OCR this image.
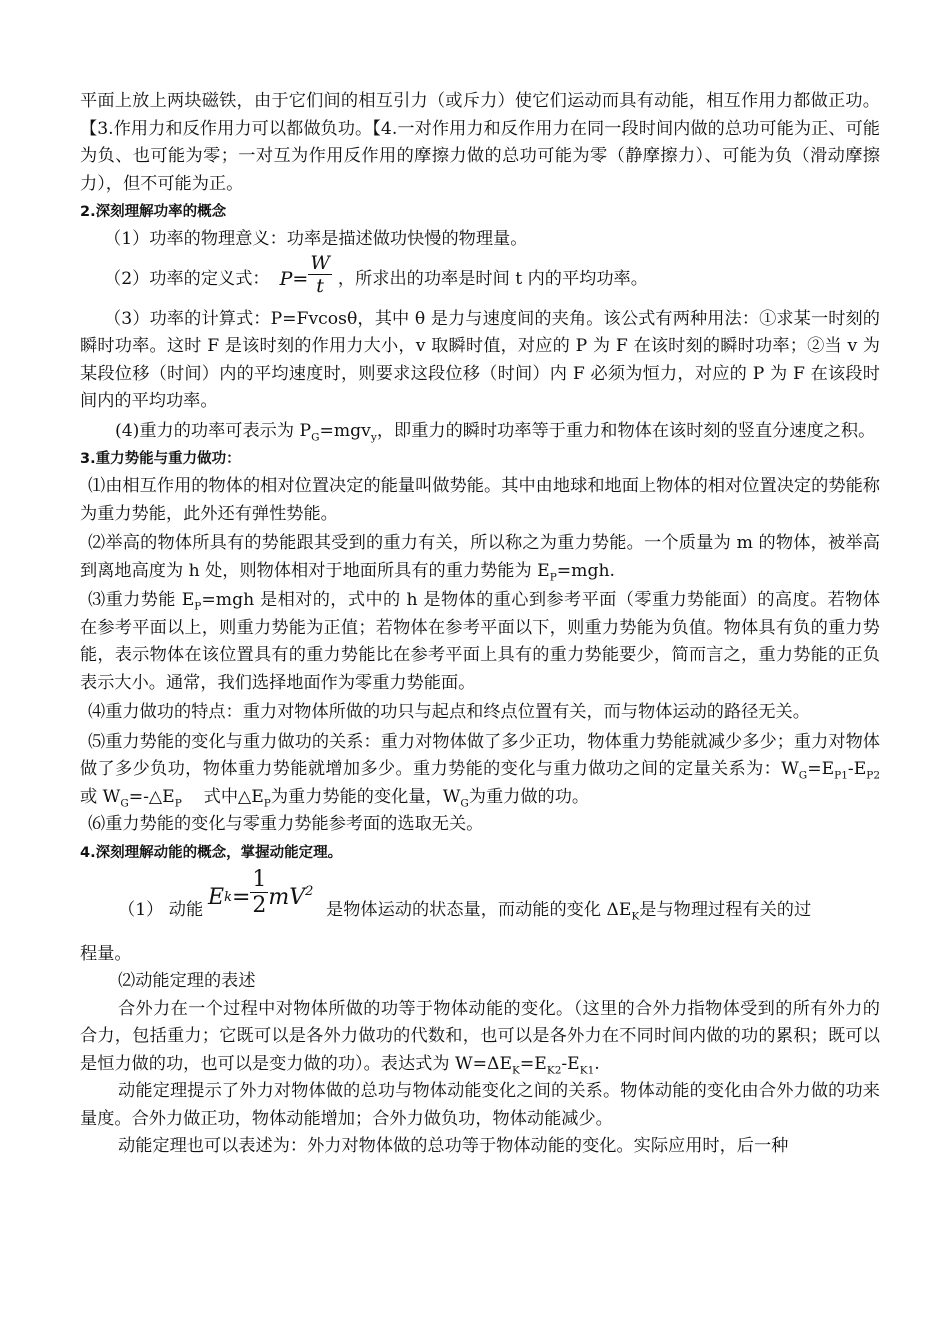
平面上放上两块磁铁，由于它们间的相互引力（或斥力）使它们运动而具有动能，相互作用力都做正功。【3.作用力和反作用力可以都做负功。【4.一对作用力和反作用力在同一段时间内做的总功可能为正、可能为负、也可能为零；一对互为作用反作用的摩擦力做的总功可能为零（静摩擦力）、可能为负（滑动摩擦力），但不可能为正。

2.深刻理解功率的概念

（1）功率的物理意义：功率是描述做功快慢的物理量。

（2）功率的定义式： $P= \frac{W}{t}$ ，所求出的功率是时间 t 内的平均功率。

（3）功率的计算式：P=Fvcosθ，其中 θ 是力与速度间的夹角。该公式有两种用法：①求某一时刻的瞬时功率。这时 F 是该时刻的作用力大小，v 取瞬时值，对应的 P 为 F 在该时刻的瞬时功率；②当 v 为某段位移（时间）内的平均速度时，则要求这段位移（时间）内 F 必须为恒力，对应的 P 为 F 在该段时间内的平均功率。

(4)重力的功率可表示为 $P_G=mgv_y$，即重力的瞬时功率等于重力和物体在该时刻的竖直分速度之积。

3.重力势能与重力做功：

⑴由相互作用的物体的相对位置决定的能量叫做势能。其中由地球和地面上物体的相对位置决定的势能称为重力势能，此外还有弹性势能。

⑵举高的物体所具有的势能跟其受到的重力有关，所以称之为重力势能。一个质量为 m 的物体，被举高到离地高度为 h 处，则物体相对于地面所具有的重力势能为 $E_P=mgh$.

⑶重力势能 $E_P=mgh$ 是相对的，式中的 h 是物体的重心到参考平面（零重力势能面）的高度。若物体在参考平面以上，则重力势能为正值；若物体在参考平面以下，则重力势能为负值。物体具有负的重力势能，表示物体在该位置具有的重力势能比在参考平面上具有的重力势能要少，简而言之，重力势能的正负表示大小。通常，我们选择地面作为零重力势能面。

⑷重力做功的特点：重力对物体所做的功只与起点和终点位置有关，而与物体运动的路径无关。

⑸重力势能的变化与重力做功的关系：重力对物体做了多少正功，物体重力势能就减少多少；重力对物体做了多少负功，物体重力势能就增加多少。重力势能的变化与重力做功之间的定量关系为：$W_G=E_{P1}-E_{P2}$或 $W_G=-\triangle E_P$    式中$\triangle E_P$为重力势能的变化量，$W_G$为重力做的功。

⑹重力势能的变化与零重力势能参考面的选取无关。

4.深刻理解动能的概念，掌握动能定理。

（1） 动能 E $k = \frac{1}{2} mV^2$
是物体运动的状态量，而动能的变化 $\Delta E_K$是与物理过程有关的过

程量。

⑵动能定理的表述

合外力在一个过程中对物体所做的功等于物体动能的变化。（这里的合外力指物体受到的所有外力的合力，包括重力；它既可以是各外力做功的代数和，也可以是各外力在不同时间内做的功的累积；既可以是恒力做的功，也可以是变力做的功）。表达式为 $W=\Delta E_K=E_{K2}-E_{K1}$.

动能定理提示了外力对物体做的总功与物体动能变化之间的关系。物体动能的变化由合外力做的功来量度。合外力做正功，物体动能增加；合外力做负功，物体动能减少。

动能定理也可以表述为：外力对物体做的总功等于物体动能的变化。实际应用时，后一种
